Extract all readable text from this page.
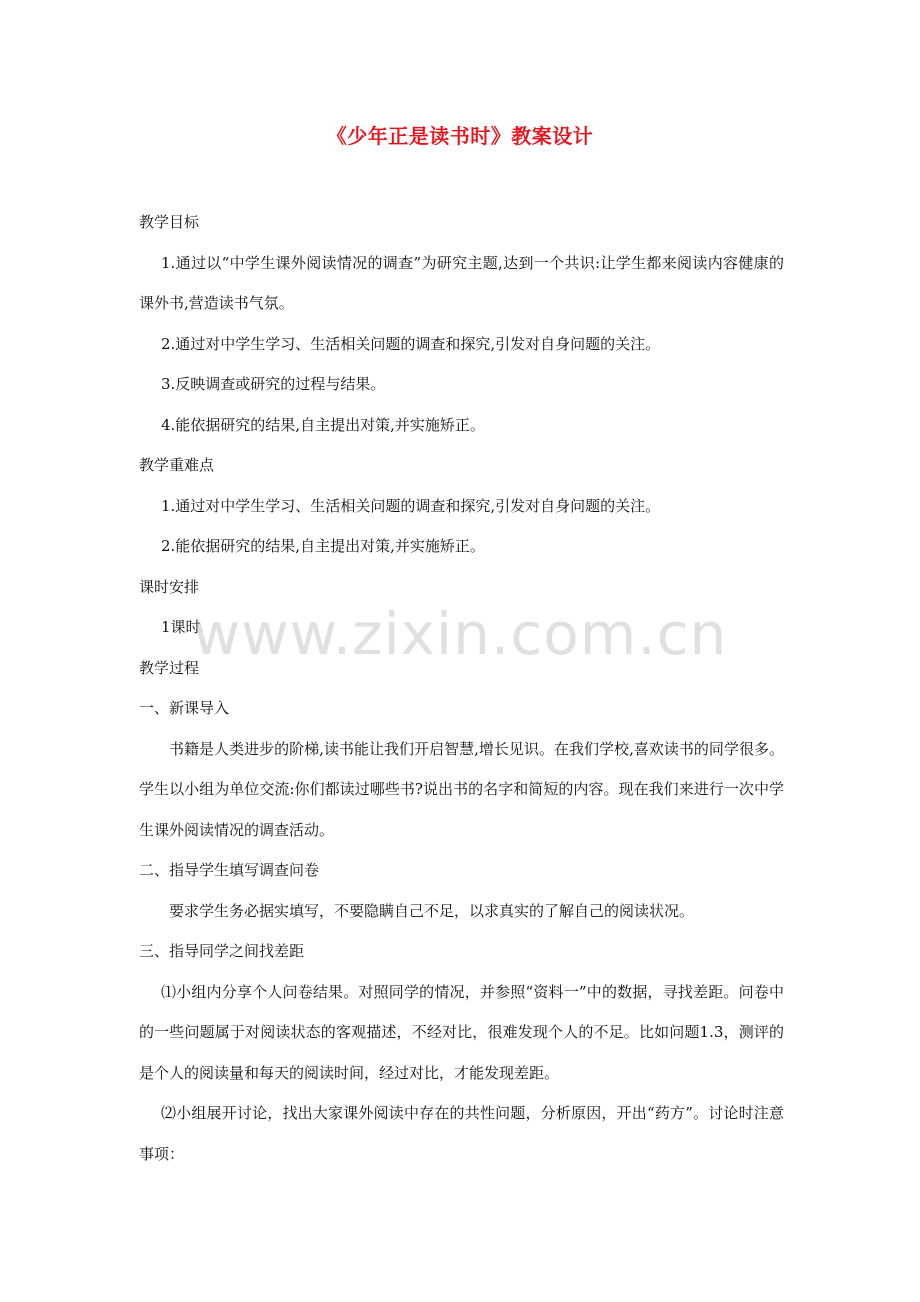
《少年正是读书时》教案设计

教学目标

1.通过以“中学生课外阅读情况的调查”为研究主题,达到一个共识:让学生都来阅读内容健康的课外书,营造读书气氛。

2.通过对中学生学习、生活相关问题的调查和探究,引发对自身问题的关注。

3.反映调查或研究的过程与结果。

4.能依据研究的结果,自主提出对策,并实施矫正。

教学重难点

1.通过对中学生学习、生活相关问题的调查和探究,引发对自身问题的关注。

2.能依据研究的结果,自主提出对策,并实施矫正。

课时安排

1课时

教学过程

一、新课导入

书籍是人类进步的阶梯,读书能让我们开启智慧,增长见识。在我们学校,喜欢读书的同学很多。学生以小组为单位交流:你们都读过哪些书?说出书的名字和简短的内容。现在我们来进行一次中学生课外阅读情况的调查活动。

二、指导学生填写调查问卷

要求学生务必据实填写，不要隐瞒自己不足，以求真实的了解自己的阅读状况。

三、指导同学之间找差距

⑴小组内分享个人问卷结果。对照同学的情况，并参照“资料一”中的数据，寻找差距。问卷中的一些问题属于对阅读状态的客观描述，不经对比，很难发现个人的不足。比如问题1.3，测评的是个人的阅读量和每天的阅读时间，经过对比，才能发现差距。

⑵小组展开讨论，找出大家课外阅读中存在的共性问题，分析原因，开出“药方”。讨论时注意事项：

www.zixin.com.cn
